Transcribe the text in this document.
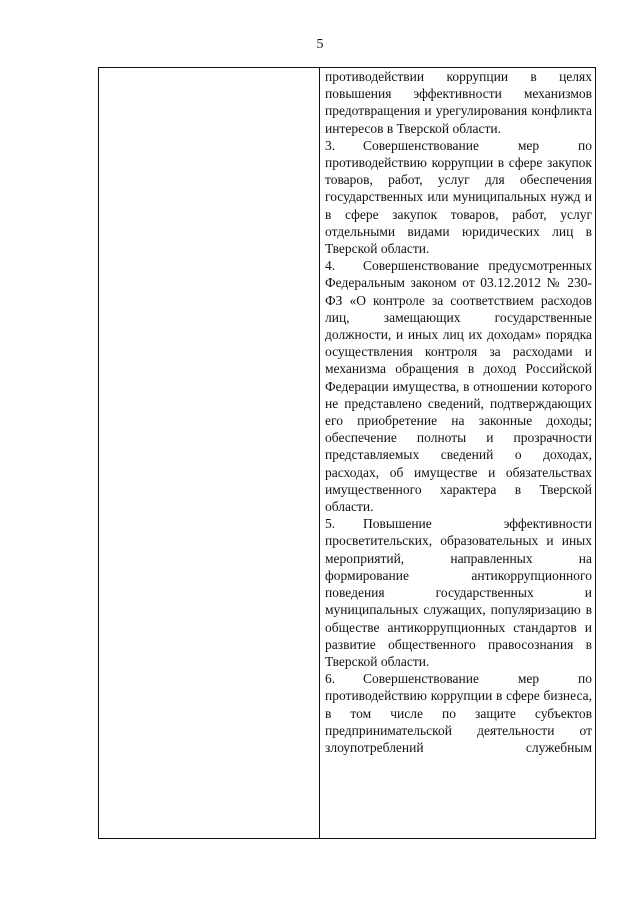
5

противодействии коррупции в целях повышения эффективности механизмов предотвращения и урегулирования конфликта интересов в Тверской области.

3. Совершенствование мер по противодействию коррупции в сфере закупок товаров, работ, услуг для обеспечения государственных или муниципальных нужд и в сфере закупок товаров, работ, услуг отдельными видами юридических лиц в Тверской области.

4. Совершенствование предусмотренных Федеральным законом от 03.12.2012 № 230-ФЗ «О контроле за соответствием расходов лиц, замещающих государственные должности, и иных лиц их доходам» порядка осуществления контроля за расходами и механизма обращения в доход Российской Федерации имущества, в отношении которого не представлено сведений, подтверждающих его приобретение на законные доходы; обеспечение полноты и прозрачности представляемых сведений о доходах, расходах, об имуществе и обязательствах имущественного характера в Тверской области.

5. Повышение эффективности просветительских, образовательных и иных мероприятий, направленных на формирование антикоррупционного поведения государственных и муниципальных служащих, популяризацию в обществе антикоррупционных стандартов и развитие общественного правосознания в Тверской области.

6. Совершенствование мер по противодействию коррупции в сфере бизнеса, в том числе по защите субъектов предпринимательской деятельности от злоупотреблений служебным
